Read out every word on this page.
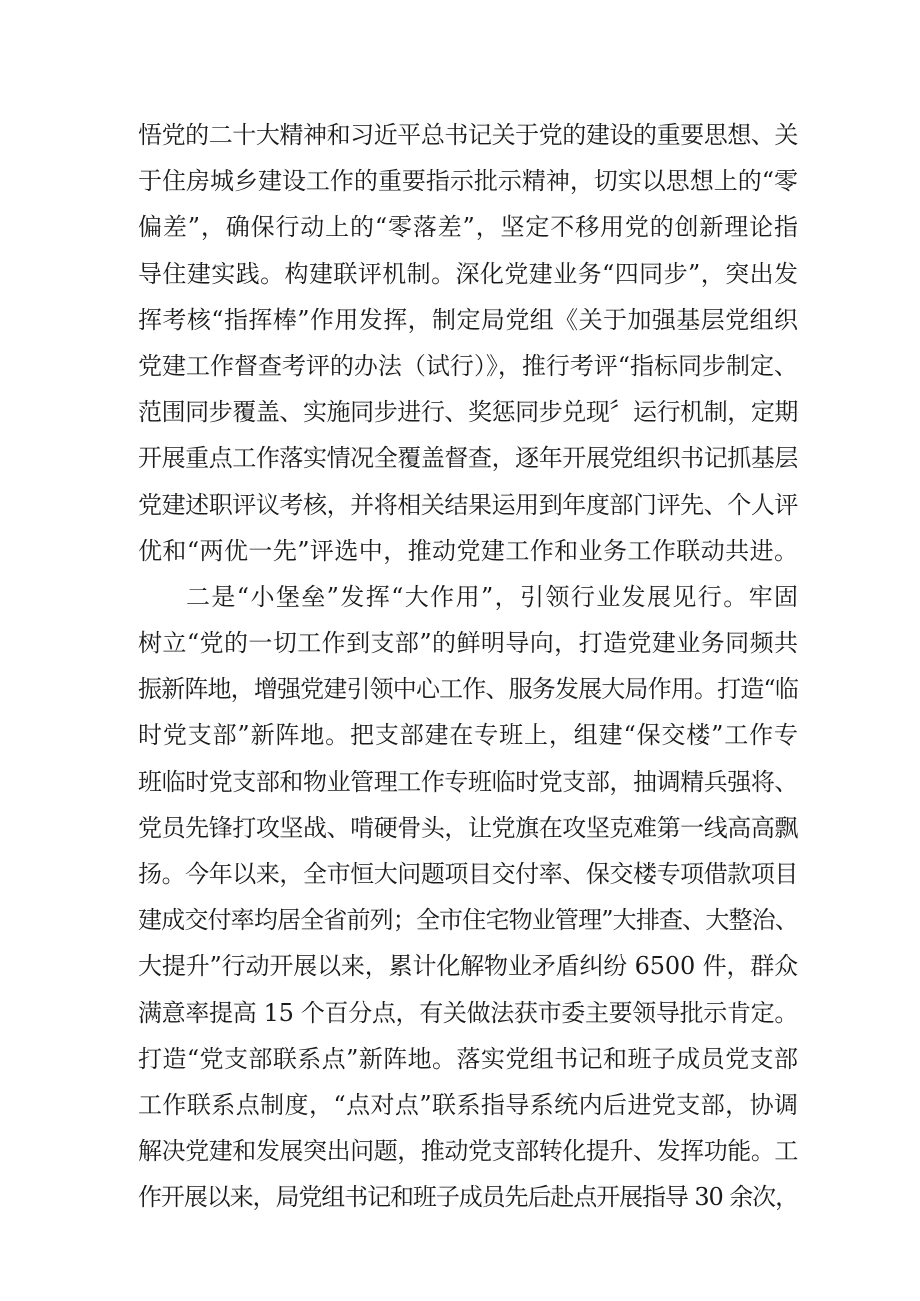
悟党的二十大精神和习近平总书记关于党的建设的重要思想、关
于住房城乡建设工作的重要指示批示精神，切实以思想上的“零
偏差”，确保行动上的“零落差”，坚定不移用党的创新理论指
导住建实践。构建联评机制。深化党建业务“四同步”，突出发
挥考核“指挥棒”作用发挥，制定局党组《关于加强基层党组织
党建工作督查考评的办法（试行）》，推行考评“指标同步制定、
范围同步覆盖、实施同步进行、奖惩同步兑现〞运行机制，定期
开展重点工作落实情况全覆盖督查，逐年开展党组织书记抓基层
党建述职评议考核，并将相关结果运用到年度部门评先、个人评
优和“两优一先”评选中，推动党建工作和业务工作联动共进。
二是“小堡垒”发挥“大作用”，引领行业发展见行。牢固
树立“党的一切工作到支部”的鲜明导向，打造党建业务同频共
振新阵地，增强党建引领中心工作、服务发展大局作用。打造“临
时党支部”新阵地。把支部建在专班上，组建“保交楼”工作专
班临时党支部和物业管理工作专班临时党支部，抽调精兵强将、
党员先锋打攻坚战、啃硬骨头，让党旗在攻坚克难第一线高高飘
扬。今年以来，全市恒大问题项目交付率、保交楼专项借款项目
建成交付率均居全省前列；全市住宅物业管理”大排查、大整治、
大提升”行动开展以来，累计化解物业矛盾纠纷 6500 件，群众
满意率提高 15 个百分点，有关做法获市委主要领导批示肯定。
打造“党支部联系点”新阵地。落实党组书记和班子成员党支部
工作联系点制度，“点对点”联系指导系统内后进党支部，协调
解决党建和发展突出问题，推动党支部转化提升、发挥功能。工
作开展以来，局党组书记和班子成员先后赴点开展指导 30 余次，
